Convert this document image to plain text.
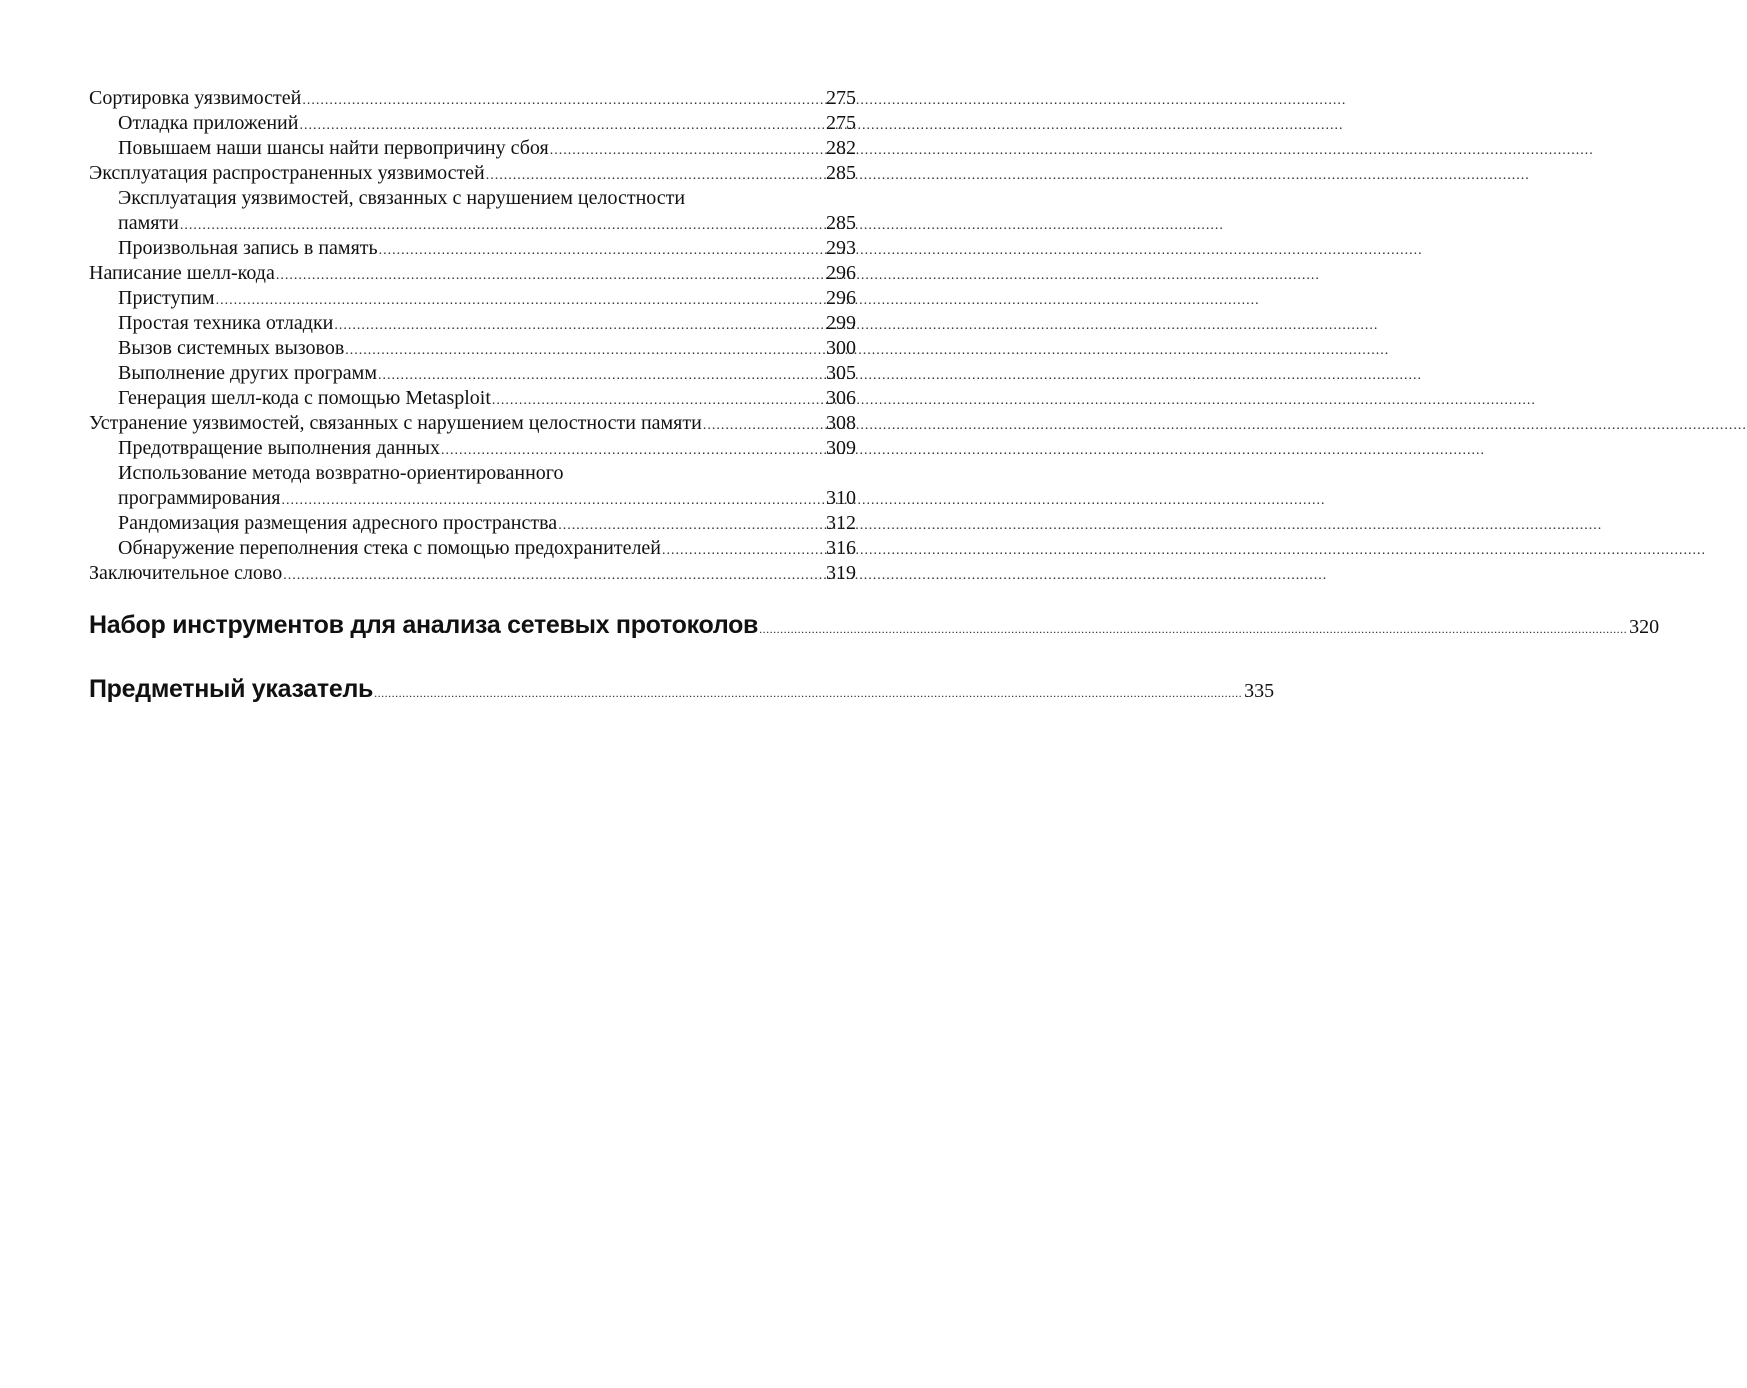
Сортировка уязвимостей .....	275
Отладка приложений .....	275
Повышаем наши шансы найти первопричину сбоя .....	282
Эксплуатация распространенных уязвимостей .....	285
Эксплуатация уязвимостей, связанных с нарушением целостности
памяти .....	285
Произвольная запись в память .....	293
Написание шелл-кода .....	296
Приступим .....	296
Простая техника отладки .....	299
Вызов системных вызовов .....	300
Выполнение других программ .....	305
Генерация шелл-кода с помощью Metasploit .....	306
Устранение уязвимостей, связанных с нарушением целостности памяти .....	308
Предотвращение выполнения данных .....	309
Использование метода возвратно-ориентированного
программирования .....	310
Рандомизация размещения адресного пространства .....	312
Обнаружение переполнения стека с помощью предохранителей .....	316
Заключительное слово .....	319
Набор инструментов для анализа сетевых протоколов .....	320
Предметный указатель .....	335
